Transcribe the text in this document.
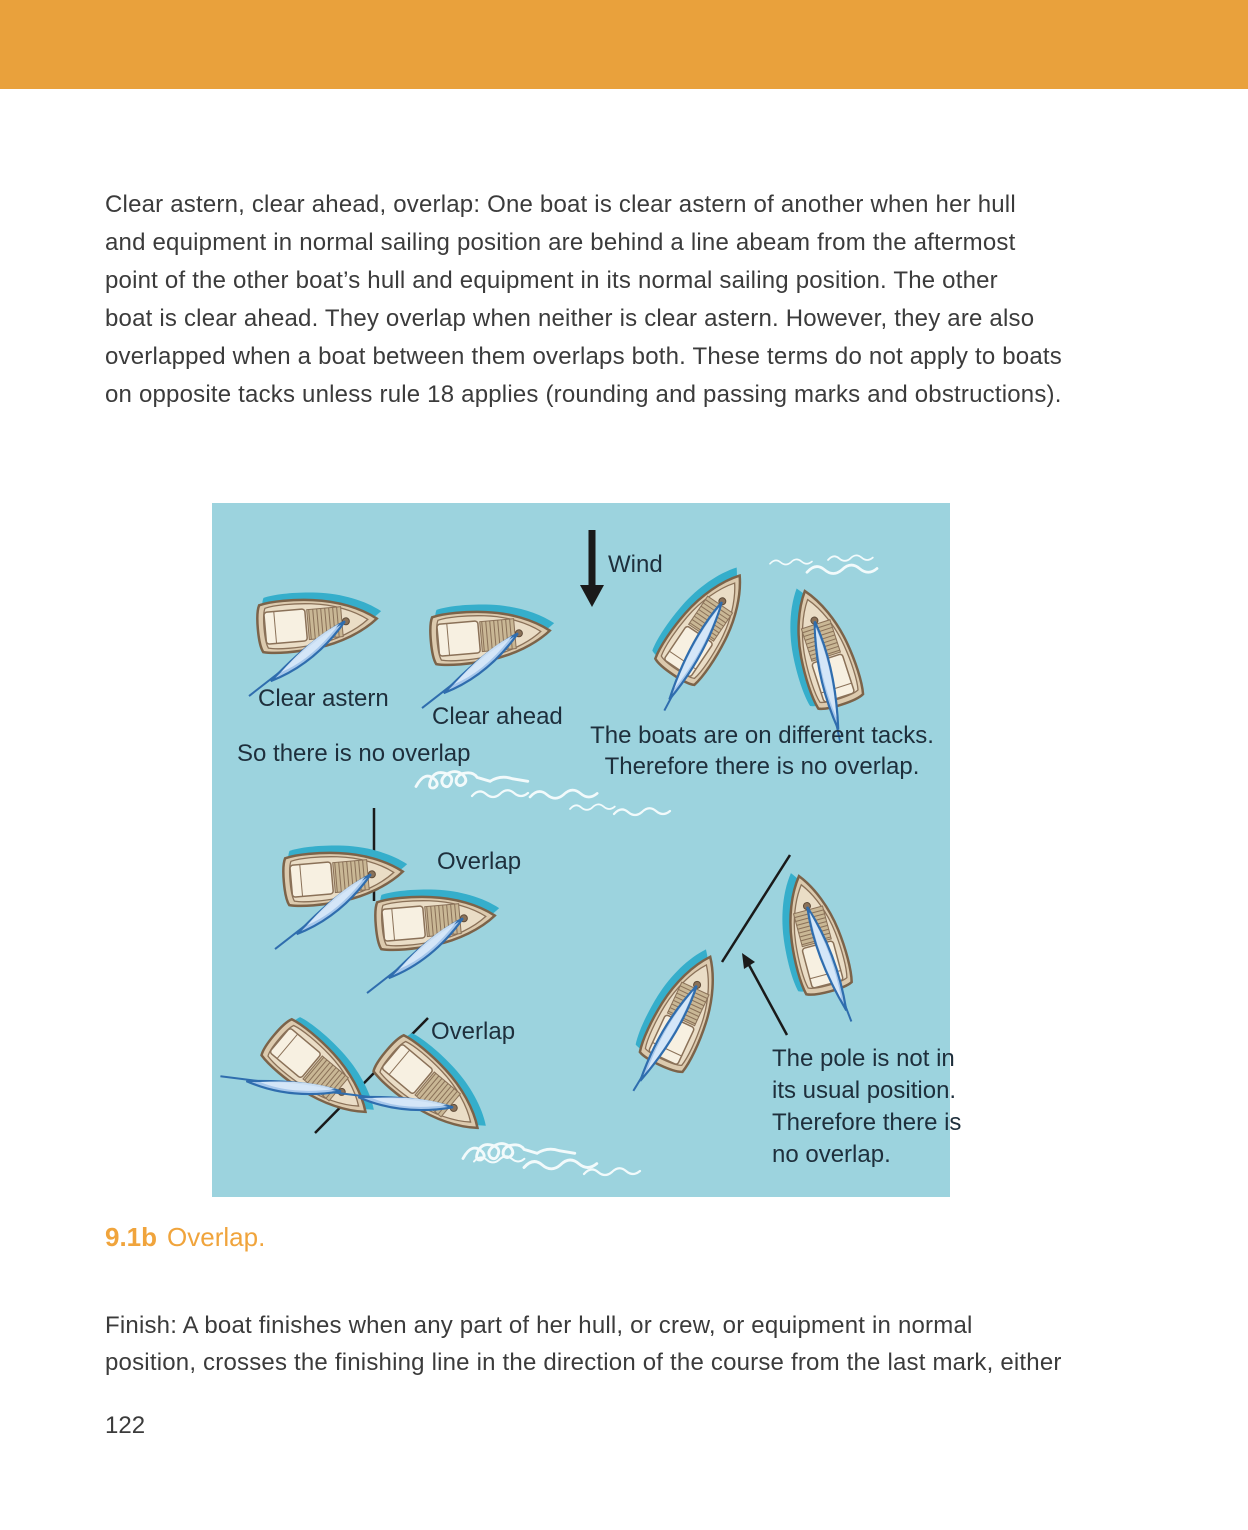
Clear astern, clear ahead, overlap: One boat is clear astern of another when her hull
and equipment in normal sailing position are behind a line abeam from the aftermost
point of the other boat’s hull and equipment in its normal sailing position. The other
boat is clear ahead. They overlap when neither is clear astern. However, they are also
overlapped when a boat between them overlaps both. These terms do not apply to boats
on opposite tacks unless rule 18 applies (rounding and passing marks and obstructions).
Wind
Clear astern
Clear ahead
So there is no overlap
The boats are on different tacks.
Therefore there is no overlap.
Overlap
Overlap
The pole is not in
its usual position.
Therefore there is
no overlap.
9.1b Overlap.
Finish: A boat finishes when any part of her hull, or crew, or equipment in normal
position, crosses the finishing line in the direction of the course from the last mark, either
122
